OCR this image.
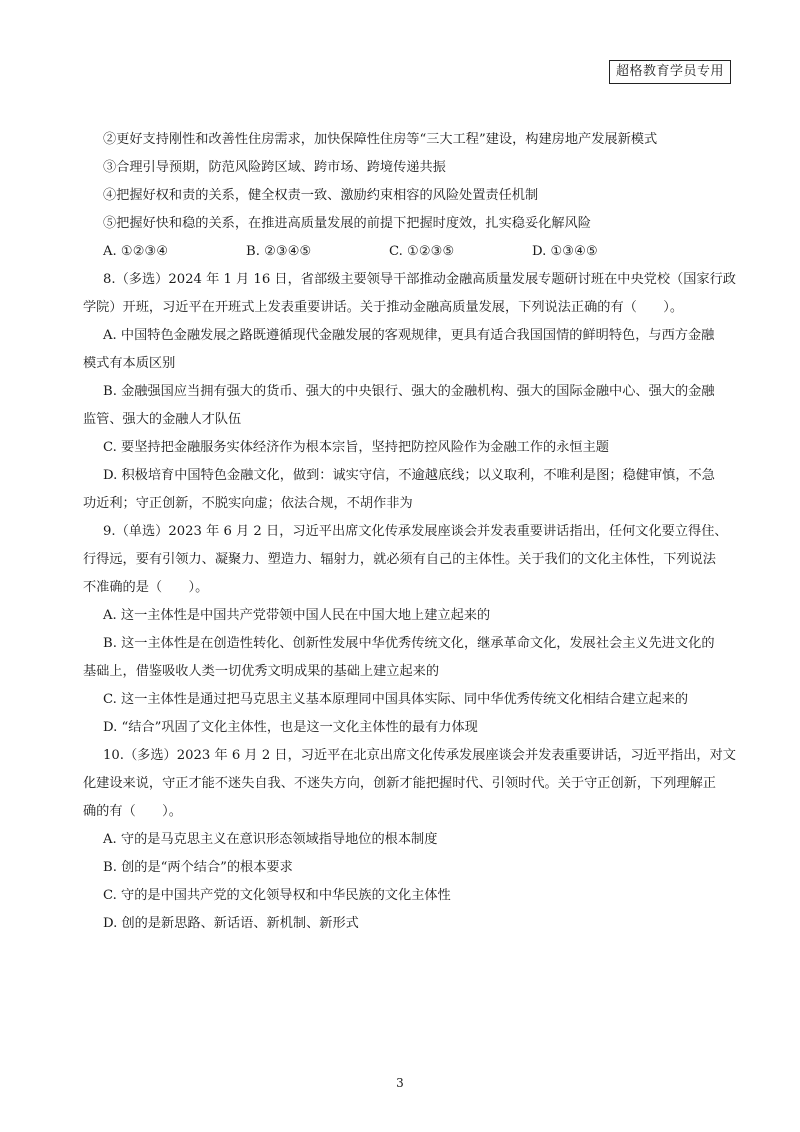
超格教育学员专用
②更好支持刚性和改善性住房需求，加快保障性住房等“三大工程”建设，构建房地产发展新模式
③合理引导预期，防范风险跨区域、跨市场、跨境传递共振
④把握好权和责的关系，健全权责一致、激励约束相容的风险处置责任机制
⑤把握好快和稳的关系，在推进高质量发展的前提下把握时度效，扎实稳妥化解风险
A. ①②③④	B. ②③④⑤	C. ①②③⑤	D. ①③④⑤
8.（多选）2024 年 1 月 16 日，省部级主要领导干部推动金融高质量发展专题研讨班在中央党校（国家行政
学院）开班，习近平在开班式上发表重要讲话。关于推动金融高质量发展，下列说法正确的有（　　）。
A. 中国特色金融发展之路既遵循现代金融发展的客观规律，更具有适合我国国情的鲜明特色，与西方金融
模式有本质区别
B. 金融强国应当拥有强大的货币、强大的中央银行、强大的金融机构、强大的国际金融中心、强大的金融
监管、强大的金融人才队伍
C. 要坚持把金融服务实体经济作为根本宗旨，坚持把防控风险作为金融工作的永恒主题
D. 积极培育中国特色金融文化，做到：诚实守信，不逾越底线；以义取利，不唯利是图；稳健审慎，不急
功近利；守正创新，不脱实向虚；依法合规，不胡作非为
9.（单选）2023 年 6 月 2 日，习近平出席文化传承发展座谈会并发表重要讲话指出，任何文化要立得住、
行得远，要有引领力、凝聚力、塑造力、辐射力，就必须有自己的主体性。关于我们的文化主体性，下列说法
不准确的是（　　）。
A. 这一主体性是中国共产党带领中国人民在中国大地上建立起来的
B. 这一主体性是在创造性转化、创新性发展中华优秀传统文化，继承革命文化，发展社会主义先进文化的
基础上，借鉴吸收人类一切优秀文明成果的基础上建立起来的
C. 这一主体性是通过把马克思主义基本原理同中国具体实际、同中华优秀传统文化相结合建立起来的
D. “结合”巩固了文化主体性，也是这一文化主体性的最有力体现
10.（多选）2023 年 6 月 2 日，习近平在北京出席文化传承发展座谈会并发表重要讲话，习近平指出，对文
化建设来说，守正才能不迷失自我、不迷失方向，创新才能把握时代、引领时代。关于守正创新，下列理解正
确的有（　　）。
A. 守的是马克思主义在意识形态领域指导地位的根本制度
B. 创的是“两个结合”的根本要求
C. 守的是中国共产党的文化领导权和中华民族的文化主体性
D. 创的是新思路、新话语、新机制、新形式
3
